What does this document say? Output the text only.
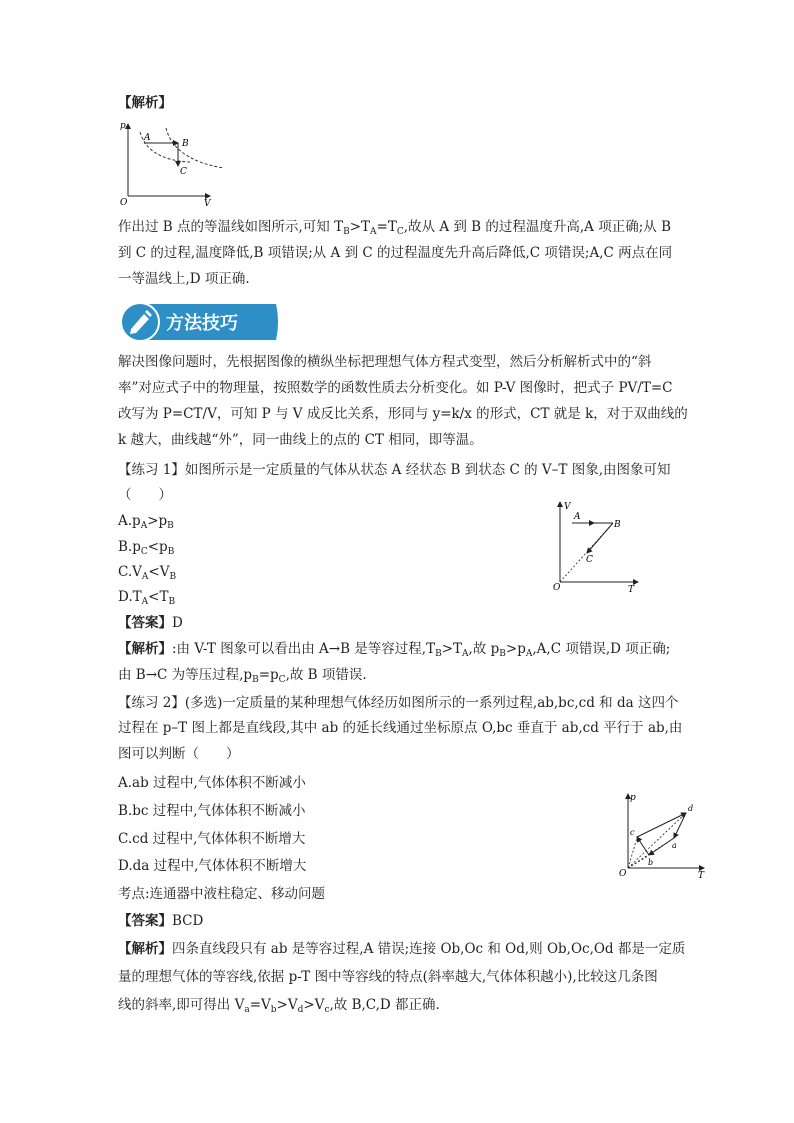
【解析】
p
V
O
A
B
C
作出过 B 点的等温线如图所示,可知 $T_B>T_A=T_C$,故从 A 到 B 的过程温度升高,A 项正确;从 B
到 C 的过程,温度降低,B 项错误;从 A 到 C 的过程温度先升高后降低,C 项错误;A,C 两点在同
一等温线上,D 项正确.
方法技巧
解决图像问题时，先根据图像的横纵坐标把理想气体方程式变型，然后分析解析式中的“斜
率”对应式子中的物理量，按照数学的函数性质去分析变化。如 P-V 图像时，把式子 PV/T=C
改写为 P=CT/V，可知 P 与 V 成反比关系，形同与 y=k/x 的形式，CT 就是 k，对于双曲线的
k 越大，曲线越“外”，同一曲线上的点的 CT 相同，即等温。
【练习 1】如图所示是一定质量的气体从状态 A 经状态 B 到状态 C 的 V–T 图象,由图象可知
（　　）
$A.p_A>p_B$
$B.p_C<p_B$
$C.V_A<V_B$
$D.T_A<T_B$
V
T
O
A
B
C
【答案】D
【解析】:由 V-T 图象可以看出由 A→B 是等容过程$,T_B>T_A$,故 $p_B>p_A,A,C$ 项错误,D 项正确;
由 B→C 为等压过程$,p_B=p_C$,故 B 项错误.
【练习 2】(多选)一定质量的某种理想气体经历如图所示的一系列过程,ab,bc,cd 和 da 这四个
过程在 p–T 图上都是直线段,其中 ab 的延长线通过坐标原点 O,bc 垂直于 ab,cd 平行于 ab,由
图可以判断（　　）
A.ab 过程中,气体体积不断减小
B.bc 过程中,气体体积不断减小
C.cd 过程中,气体体积不断增大
D.da 过程中,气体体积不断增大
p
T
O
a
b
c
d
考点:连通器中液柱稳定、移动问题
【答案】BCD
【解析】四条直线段只有 ab 是等容过程,A 错误;连接 Ob,Oc 和 Od,则 Ob,Oc,Od 都是一定质
量的理想气体的等容线,依据 p-T 图中等容线的特点(斜率越大,气体体积越小),比较这几条图
线的斜率,即可得出 $V_a=V_b>V_d>V_c$,故 B,C,D 都正确.
